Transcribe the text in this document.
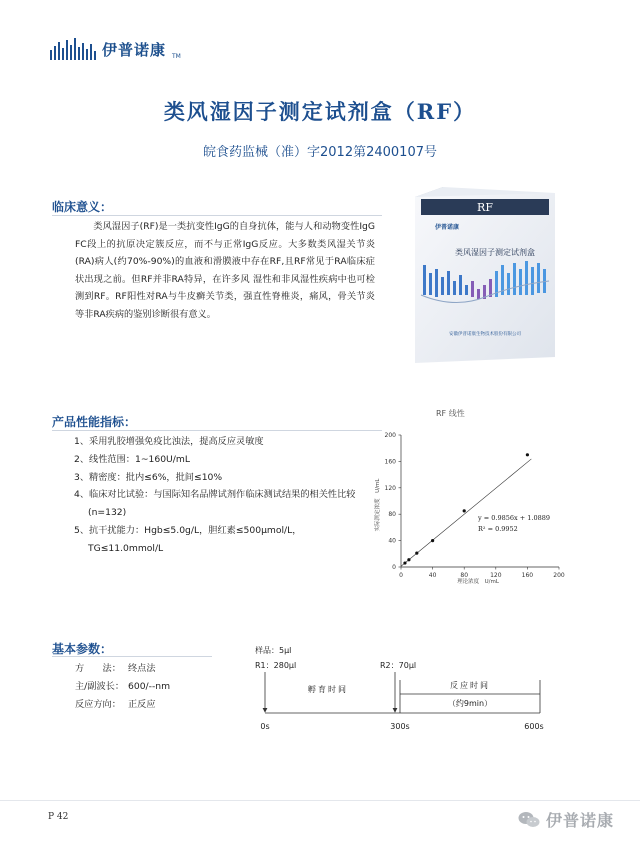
伊普诺康 TM
类风湿因子测定试剂盒（RF）
皖食药监械（准）字2012第2400107号
临床意义：
类风湿因子(RF)是一类抗变性IgG的自身抗体，能与人和动物变性IgG FC段上的抗原决定簇反应，而不与正常IgG反应。大多数类风湿关节炎(RA)病人(约70%-90%)的血液和滑膜液中存在RF,且RF常见于RA临床症状出现之前。但RF并非RA特异，在许多风 湿性和非风湿性疾病中也可检测到RF。RF阳性对RA与牛皮癣关节类，强直性脊椎炎，痛风，骨关节炎等非RA疾病的鉴别诊断很有意义。
RF
伊普诺康
类风湿因子测定试剂盒
安徽伊普诺康生物技术股份有限公司
RF 线性
产品性能指标：
1、采用乳胶增强免疫比浊法，提高反应灵敏度
2、线性范围：1~160U/mL
3、精密度：批内≤6%，批间≤10%
4、临床对比试验：与国际知名品牌试剂作临床测试结果的相关性比较(n=132)
5、抗干扰能力：Hgb≤5.0g/L，胆红素≤500μmol/L，TG≤11.0mmol/L
0	40	80	120	160	200
0
40
80
120
160
200
y = 0.9856x + 1.0889
R² = 0.9952
理论浓度　U/mL
实际测定浓度　U/mL
基本参数：
方　　法： 终点法
主/副波长： 600/--nm
反应方向： 正反应
样品：5μl
R1：280μl	R2：70μl
孵育时间	反应时间
（约9min）
0s	300s	600s
P 42	伊普诺康
